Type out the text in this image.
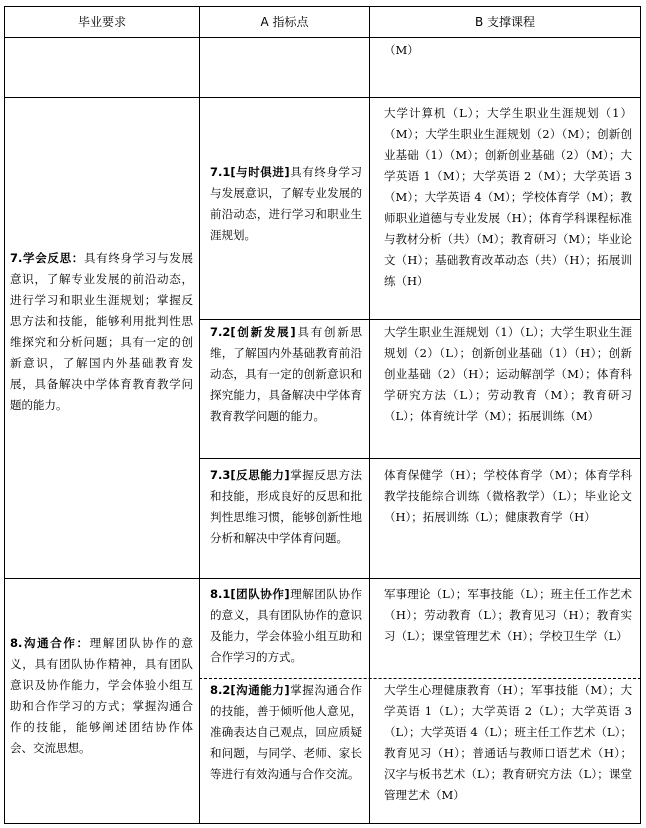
毕业要求	A 指标点	B 支撑课程
（M）
7.学会反思：具有终身学习与发展意识，了解专业发展的前沿动态，进行学习和职业生涯规划；掌握反思方法和技能，能够利用批判性思维探究和分析问题；具有一定的创新意识，了解国内外基础教育发展，具备解决中学体育教育教学问题的能力。
7.1[与时俱进]具有终身学习与发展意识，了解专业发展的前沿动态，进行学习和职业生涯规划。
大学计算机（L）；大学生职业生涯规划（1）（M）；大学生职业生涯规划（2）（M）；创新创业基础（1）（M）；创新创业基础（2）（M）；大学英语 1（M）；大学英语 2（M）；大学英语 3（M）；大学英语 4（M）；学校体育学（M）；教师职业道德与专业发展（H）；体育学科课程标准与教材分析（共）（M）；教育研习（M）；毕业论文（H）；基础教育改革动态（共）（H）；拓展训练（H）
7.2[创新发展]具有创新思维，了解国内外基础教育前沿动态，具有一定的创新意识和探究能力，具备解决中学体育教育教学问题的能力。
大学生职业生涯规划（1）（L）；大学生职业生涯规划（2）（L）；创新创业基础（1）（H）；创新创业基础（2）（H）；运动解剖学（M）；体育科学研究方法（L）；劳动教育（M）；教育研习（L）；体育统计学（M）；拓展训练（M）
7.3[反思能力]掌握反思方法和技能，形成良好的反思和批判性思维习惯，能够创新性地分析和解决中学体育问题。
体育保健学（H）；学校体育学（M）；体育学科教学技能综合训练（微格教学）（L）；毕业论文（H）；拓展训练（L）；健康教育学（H）
8.沟通合作：理解团队协作的意义，具有团队协作精神，具有团队意识及协作能力，学会体验小组互助和合作学习的方式；掌握沟通合作的技能，能够阐述团结协作体会、交流思想。
8.1[团队协作]理解团队协作的意义，具有团队协作的意识及能力，学会体验小组互助和合作学习的方式。
军事理论（L）；军事技能（L）；班主任工作艺术（H）；劳动教育（L）；教育见习（H）；教育实习（L）；课堂管理艺术（H）；学校卫生学（L）
8.2[沟通能力]掌握沟通合作的技能，善于倾听他人意见，准确表达自己观点，回应质疑和问题，与同学、老师、家长等进行有效沟通与合作交流。
大学生心理健康教育（H）；军事技能（M）；大学英语 1（L）；大学英语 2（L）；大学英语 3（L）；大学英语 4（L）；班主任工作艺术（L）；教育见习（H）；普通话与教师口语艺术（H）；汉字与板书艺术（L）；教育研究方法（L）；课堂管理艺术（M）
